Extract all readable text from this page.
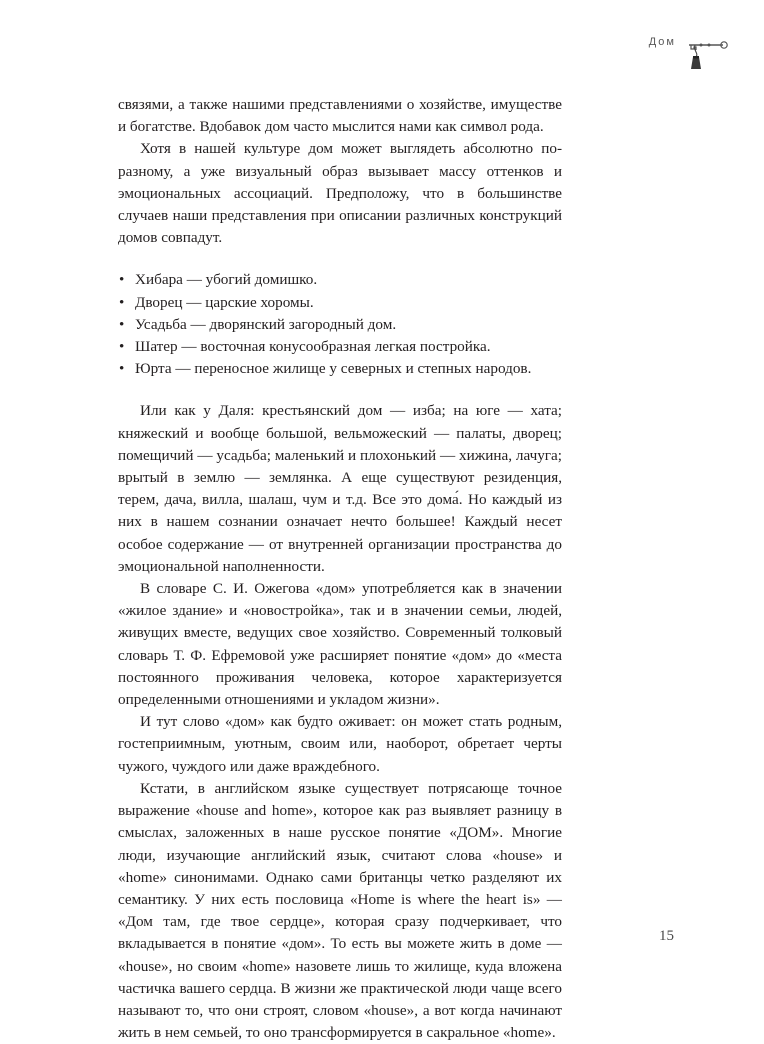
Дом

связями, а также нашими представлениями о хозяйстве, имуществе и богатстве. Вдобавок дом часто мыслится нами как символ рода.

Хотя в нашей культуре дом может выглядеть абсолютно по-разному, а уже визуальный образ вызывает массу оттенков и эмоциональных ассоциаций. Предположу, что в большинстве случаев наши представления при описании различных конструкций домов совпадут.

• Хибара — убогий домишко.
• Дворец — царские хоромы.
• Усадьба — дворянский загородный дом.
• Шатер — восточная конусообразная легкая постройка.
• Юрта — переносное жилище у северных и степных народов.

Или как у Даля: крестьянский дом — изба; на юге — хата; княжеский и вообще большой, вельможеский — палаты, дворец; помещичий — усадьба; маленький и плохонький — хижина, лачуга; врытый в землю — землянка. А еще существуют резиденция, терем, дача, вилла, шалаш, чум и т.д. Все это дома́. Но каждый из них в нашем сознании означает нечто большее! Каждый несет особое содержание — от внутренней организации пространства до эмоциональной наполненности.

В словаре С. И. Ожегова «дом» употребляется как в значении «жилое здание» и «новостройка», так и в значении семьи, людей, живущих вместе, ведущих свое хозяйство. Современный толковый словарь Т. Ф. Ефремовой уже расширяет понятие «дом» до «места постоянного проживания человека, которое характеризуется определенными отношениями и укладом жизни».

И тут слово «дом» как будто оживает: он может стать родным, гостеприимным, уютным, своим или, наоборот, обретает черты чужого, чуждого или даже враждебного.

Кстати, в английском языке существует потрясающе точное выражение «house and home», которое как раз выявляет разницу в смыслах, заложенных в наше русское понятие «ДОМ». Многие люди, изучающие английский язык, считают слова «house» и «home» синонимами. Однако сами британцы четко разделяют их семантику. У них есть пословица «Home is where the heart is» — «Дом там, где твое сердце», которая сразу подчеркивает, что вкладывается в понятие «дом». То есть вы можете жить в доме — «house», но своим «home» назовете лишь то жилище, куда вложена частичка вашего сердца. В жизни же практической люди чаще всего называют то, что они строят, словом «house», а вот когда начинают жить в нем семьей, то оно трансформируется в сакральное «home».

15
